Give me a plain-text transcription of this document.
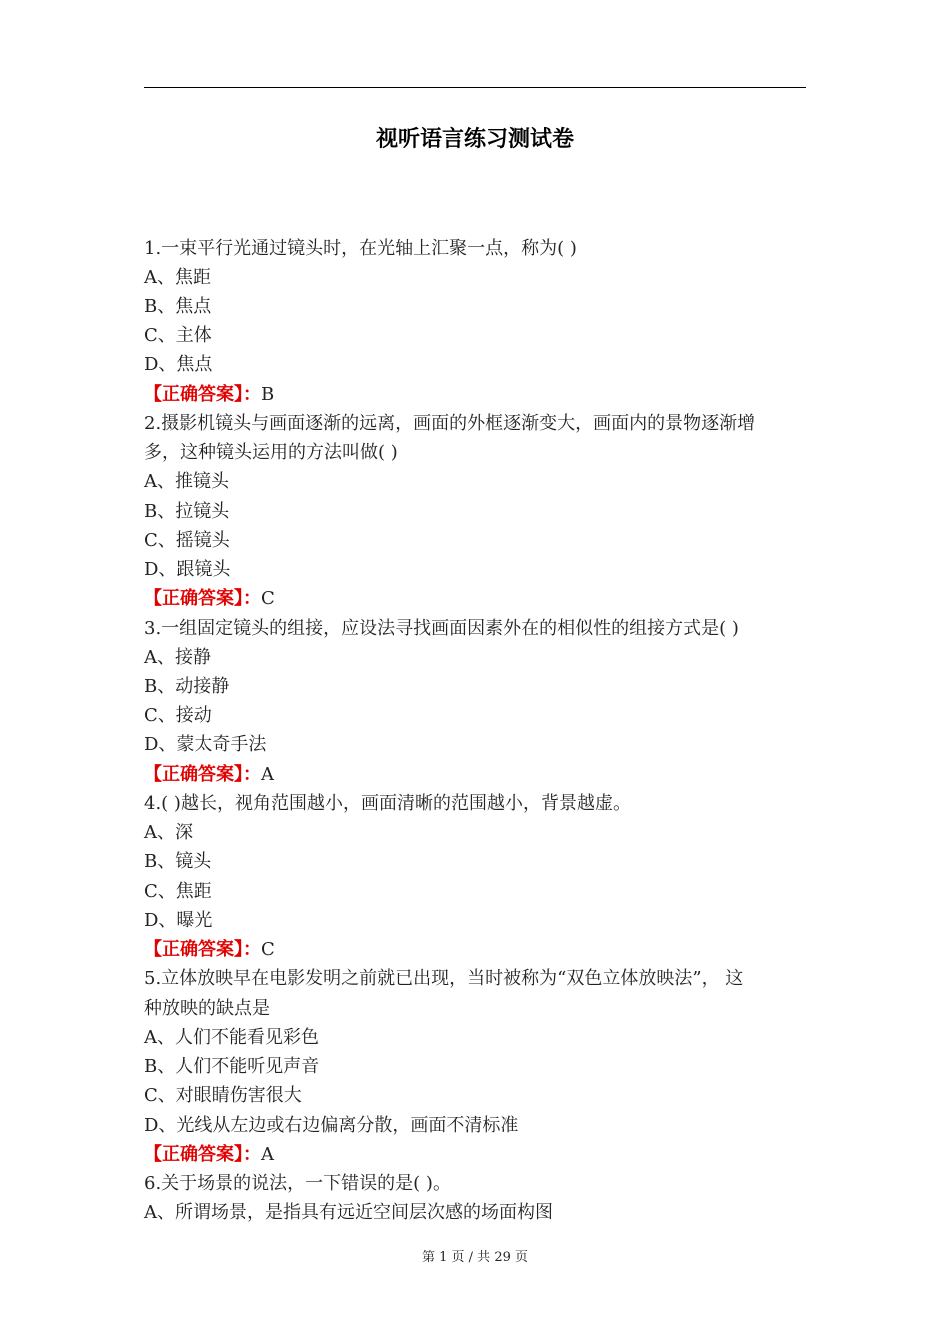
视听语言练习测试卷
1.一束平行光通过镜头时，在光轴上汇聚一点，称为( )
A、焦距
B、焦点
C、主体
D、焦点
【正确答案】：B
2.摄影机镜头与画面逐渐的远离，画面的外框逐渐变大，画面内的景物逐渐增
多，这种镜头运用的方法叫做( )
A、推镜头
B、拉镜头
C、摇镜头
D、跟镜头
【正确答案】：C
3.一组固定镜头的组接，应设法寻找画面因素外在的相似性的组接方式是( )
A、接静
B、动接静
C、接动
D、蒙太奇手法
【正确答案】：A
4.( )越长，视角范围越小，画面清晰的范围越小，背景越虚。
A、深
B、镜头
C、焦距
D、曝光
【正确答案】：C
5.立体放映早在电影发明之前就已出现，当时被称为“双色立体放映法”， 这
种放映的缺点是
A、人们不能看见彩色
B、人们不能听见声音
C、对眼睛伤害很大
D、光线从左边或右边偏离分散，画面不清标准
【正确答案】：A
6.关于场景的说法，一下错误的是( )。
A、所谓场景，是指具有远近空间层次感的场面构图
第 1 页 / 共 29 页
